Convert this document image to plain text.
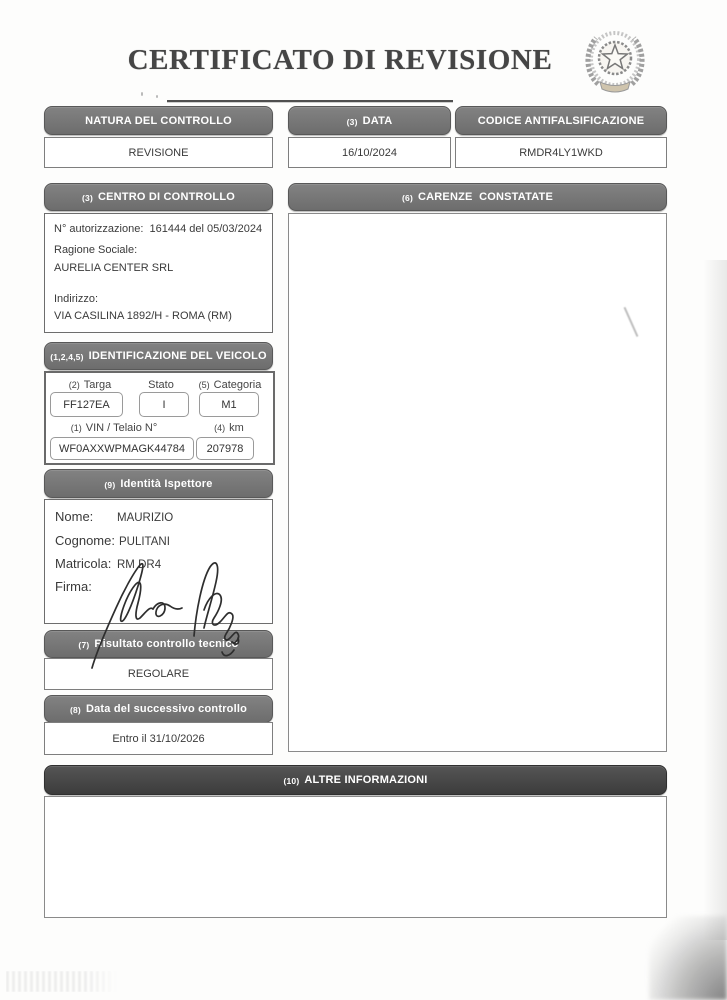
CERTIFICATO DI REVISIONE
NATURA DEL CONTROLLO
REVISIONE
(3) DATA
16/10/2024
CODICE ANTIFALSIFICAZIONE
RMDR4LY1WKD
(3) CENTRO DI CONTROLLO
N° autorizzazione: 161444 del 05/03/2024
Ragione Sociale:
AURELIA CENTER SRL
Indirizzo:
VIA CASILINA 1892/H - ROMA (RM)
(6) CARENZE  CONSTATATE
(1,2,4,5) IDENTIFICAZIONE DEL VEICOLO
(2) Targa	Stato	(5) Categoria
FF127EA	I	M1
(1) VIN / Telaio N°	(4) km
WF0AXXWPMAGK44784 207978
(9) Identità Ispettore
Nome:	MAURIZIO
Cognome: PULITANI
Matricola: RM DR4
Firma:
(7) Risultato controllo tecnico
REGOLARE
(8) Data del successivo controllo
Entro il 31/10/2026
(10) ALTRE INFORMAZIONI
